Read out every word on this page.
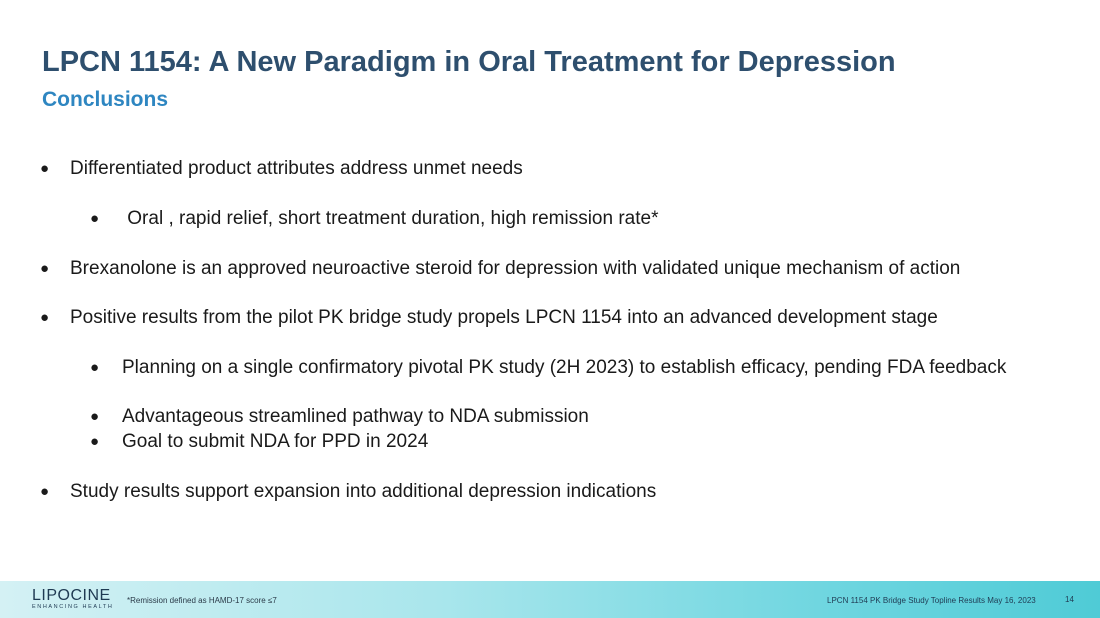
LPCN 1154: A New Paradigm in Oral Treatment for Depression
Conclusions
● Differentiated product attributes address unmet needs
● Oral , rapid relief, short treatment duration, high remission rate*
● Brexanolone is an approved neuroactive steroid for depression with validated unique mechanism of action
● Positive results from the pilot PK bridge study propels LPCN 1154 into an advanced development stage
● Planning on a single confirmatory pivotal PK study (2H 2023) to establish efficacy, pending FDA feedback
● Advantageous streamlined pathway to NDA submission
● Goal to submit NDA for PPD in 2024
● Study results support expansion into additional depression indications
LIPOCINE
ENHANCING HEALTH
*Remission defined as HAMD-17 score ≤7	LPCN 1154 PK Bridge Study Topline Results May 16, 2023	14
